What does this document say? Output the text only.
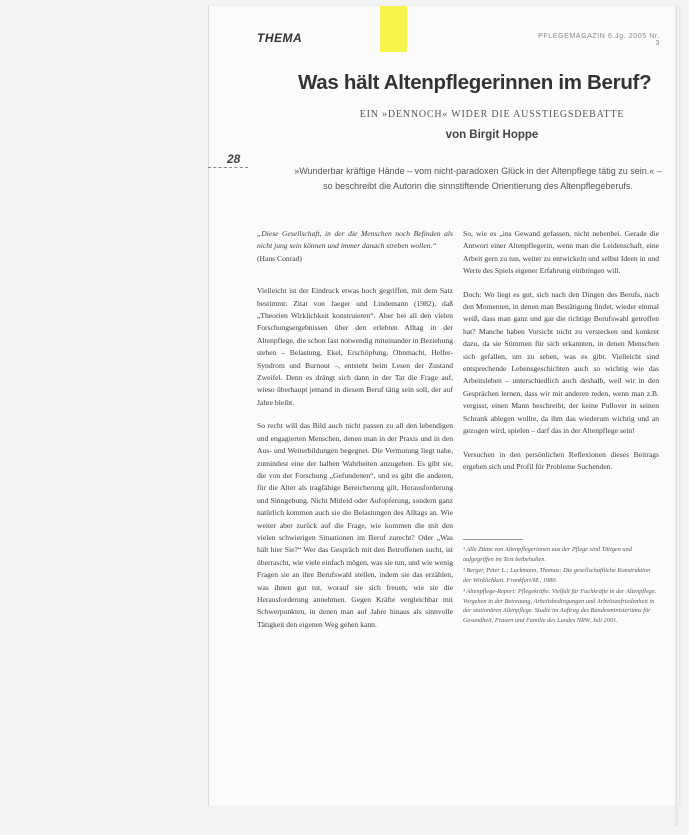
THEMA	PFLEGEMAGAZIN 6.Jg. 2005 Nr. 3
Was hält Altenpflegerinnen im Beruf?
EIN »DENNOCH« WIDER DIE AUSSTIEGSDEBATTE
von Birgit Hoppe
28
»Wunderbar kräftige Hände – vom nicht-paradoxen Glück in der Altenpflege tätig zu sein.« – so beschreibt die Autorin die sinnstiftende Orientierung des Altenpflegeberufs.

„Diese Gesellschaft, in der die Menschen noch Befinden als nicht jung sein können und immer danach streben wollen.“

(Hans Conrad)

Vielleicht ist der Eindruck etwas hoch gegriffen, mit dem Satz bestimmt: Zitat von Jaeger und Lindemann (1982), daß „Theorien Wirklichkeit konstruieren“. Aber bei all den vielen Forschungsergebnissen über den erlebten Alltag in der Altenpflege, die schon fast notwendig miteinander in Beziehung stehen – Belastung, Ekel, Erschöpfung, Ohnmacht, Helfer-Syndrom und Burnout –, entsteht beim Lesen der Zustand Zweifel. Denn es drängt sich dann in der Tat die Frage auf, wieso überhaupt jemand in diesem Beruf tätig sein soll, der auf Jahre bleibt.

So recht will das Bild auch nicht passen zu all den lebendigen und engagierten Menschen, denen man in der Praxis und in den Aus- und Weiterbildungen begegnet. Die Vermutung liegt nahe, zumindest eine der halben Wahrheiten anzugeben. Es gibt sie, die von der Forschung „Gefundenen“, und es gibt die anderen, für die Alter als tragfähige Bereicherung gilt, Herausforderung und Sinngebung. Nicht Mitleid oder Aufopferung, sondern ganz natürlich kommen auch sie die Belastungen des Alltags an. Wie weiter aber zurück auf die Frage, wie kommen die mit den vielen schwierigen Situationen im Beruf zurecht? Oder „Was hält hier Sie?“ Wer das Gespräch mit den Betroffenen sucht, ist überrascht, wie viele einfach mögen, was sie tun, und wie wenig Fragen sie an ihre Berufswahl stellen, indem sie das erzählen, was ihnen gut tut, worauf sie sich freuen, wie sie die Herausforderung annehmen. Gegen Kräfte vergleichbar mit Schwerpunkten, in denen man auf Jahre hinaus als sinnvolle Tätigkeit den eigenen Weg gehen kann.

So, wie es „ins Gewand gefassen, nicht nebenbei. Gerade die Antwort einer Altenpflegerin, wenn man die Leidenschaft, eine Arbeit gern zu tun, weiter zu entwickeln und selbst Ideen in und Werte des Spiels eigener Erfahrung einbringen will.

Doch: Wo liegt es gut, sich nach den Dingen des Berufs, nach den Momenten, in denen man Bestätigung findet, wieder einmal weiß, dass man ganz und gar die richtige Berufswahl getroffen hat? Manche haben Vorsicht nicht zu verstecken und konkret dazu, da sie Stimmen für sich erkannten, in denen Menschen sich gefallen, um zu sehen, was es gibt. Vielleicht sind entsprechende Lebensgeschichten auch so wichtig wie das Arbeitsleben – unterschiedlich auch deshalb, weil wir in den Gesprächen lernen, dass wir mit anderen reden, wenn man z.B. vergisst, einen Mann beschreibt, der keine Pullover in seinen Schrank ablegen wollte, da ihm das wiederum wichtig und an gezogen wird, spielen – darf das in der Altenpflege sein!

Versuchen in den persönlichen Reflexionen dieses Beitrags ergehen sich und Profil für Probleme Suchenden.

¹ Alle Zitate von Altenpflegerinnen aus der Pflege sind Tätigen und aufgegriffen im Text beibehalten.

² Berger, Peter L.; Luckmann, Thomas: Die gesellschaftliche Konstruktion der Wirklichkeit. Frankfurt/M., 1980.

³ Altenpflege-Report: Pflegekräfte. Vielfalt für Fachkräfte in der Altenpflege. Vorgehen in der Betreuung, Arbeitsbedingungen und Arbeitszufriedenheit in der stationären Altenpflege. Studie im Auftrag des Bundesministeriums für Gesundheit, Frauen und Familie des Landes NRW, Juli 2001.
